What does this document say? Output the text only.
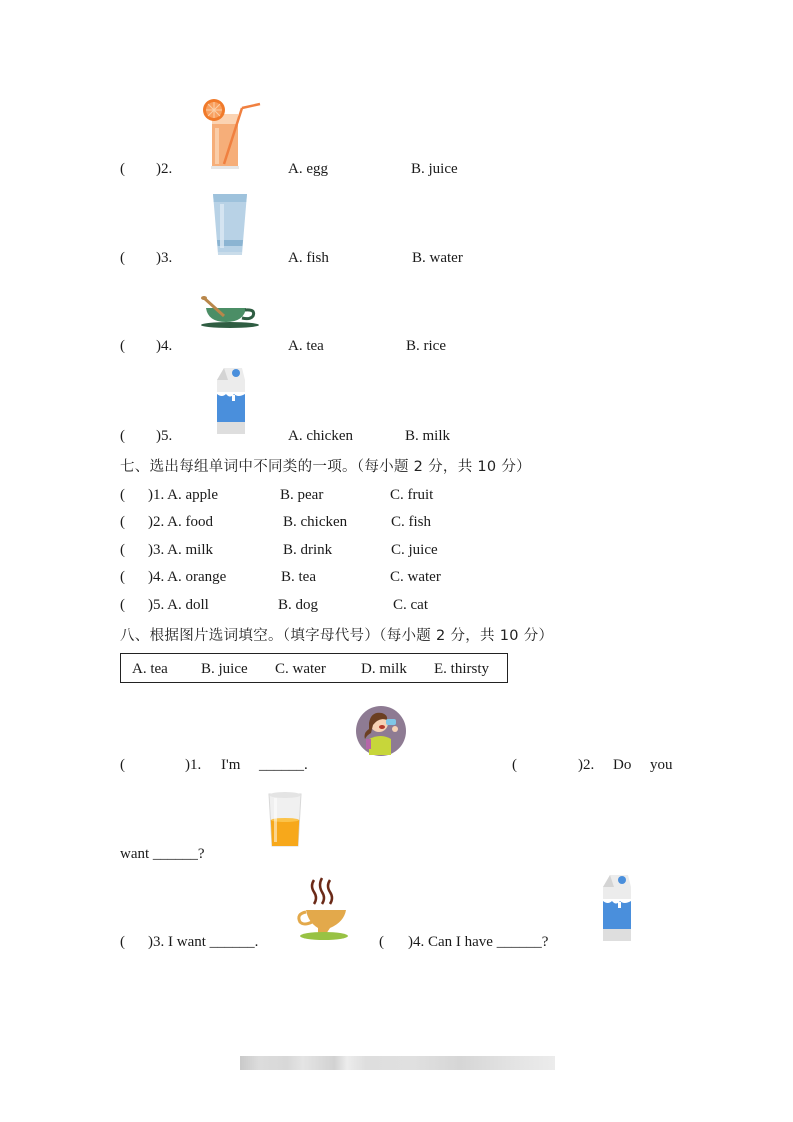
( )2.	A. egg	B. juice
( )3.	A. fish	B. water
( )4.	A. tea	B. rice
( )5.	A. chicken	B. milk
七、选出每组单词中不同类的一项。（每小题 2 分，共 10 分）
( )1. A. apple	B. pear	C. fruit
( )2. A. food	B. chicken	C. fish
( )3. A. milk	B. drink	C. juice
( )4. A. orange	B. tea	C. water
( )5. A. doll	B. dog	C. cat
八、根据图片选词填空。（填字母代号）（每小题 2 分，共 10 分）
A. tea B. juice C. water D. milk E. thirsty
(	)1. I'm ______.	(	)2. Do you
want ______?
( )3. I want ______.	( )4. Can I have ______?
